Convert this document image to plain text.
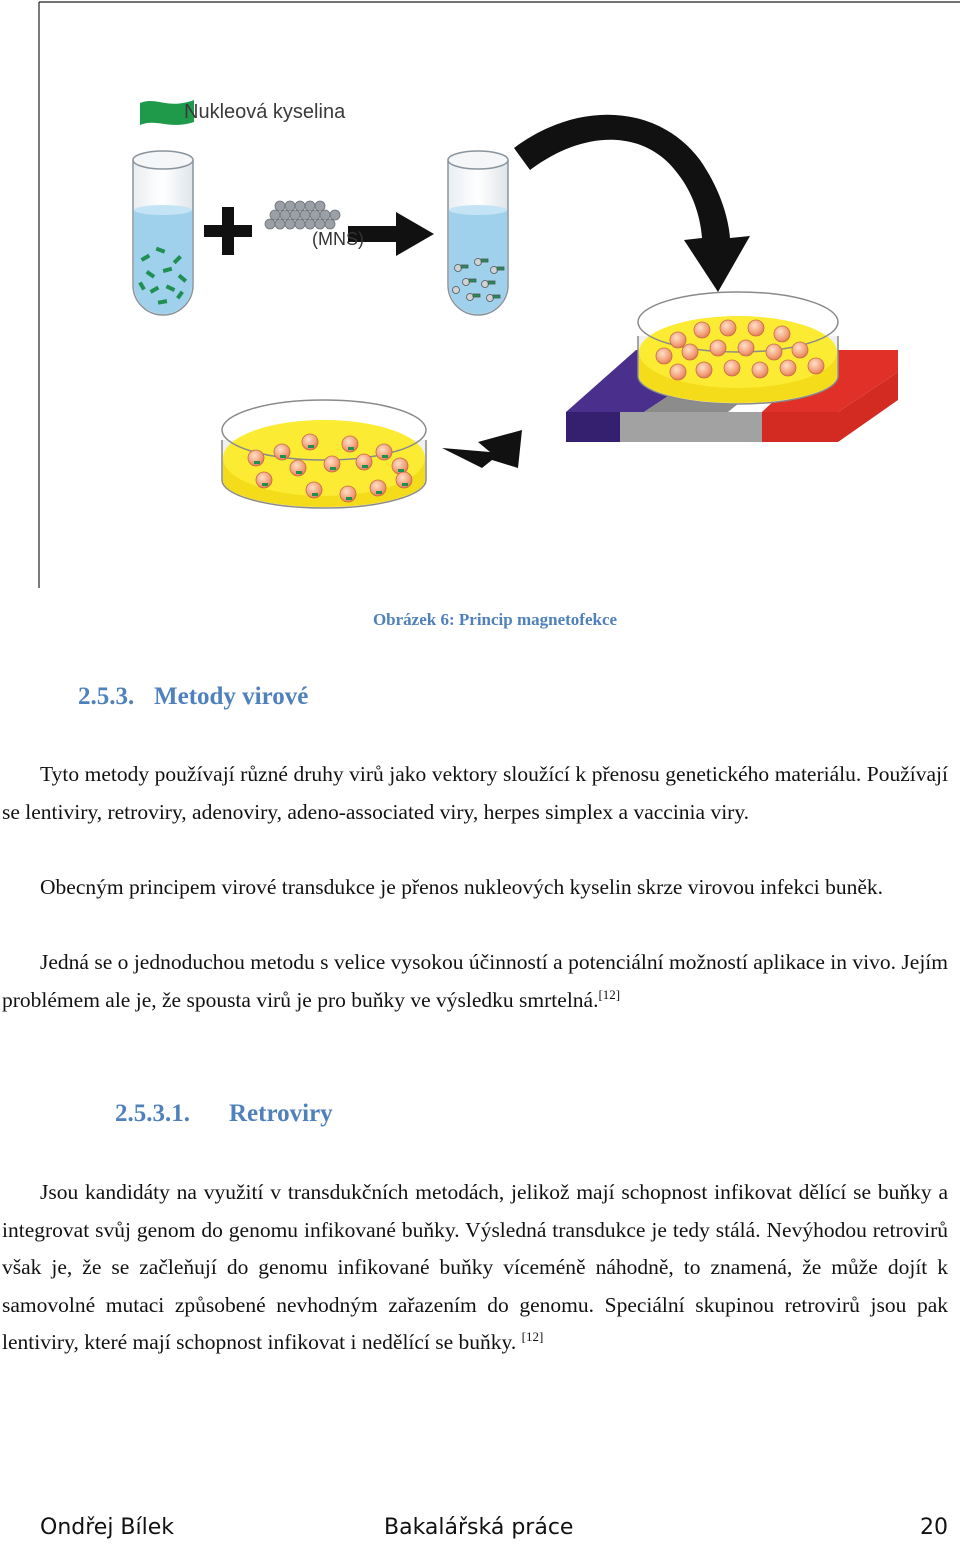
Nukleová kyselina
(MNS)
Obrázek 6: Princip magnetofekce
2.5.3. Metody virové

Tyto metody používají různé druhy virů jako vektory sloužící k přenosu genetického materiálu. Používají se lentiviry, retroviry, adenoviry, adeno-associated viry, herpes simplex a vaccinia viry.

Obecným principem virové transdukce je přenos nukleových kyselin skrze virovou infekci buněk.

Jedná se o jednoduchou metodu s velice vysokou účinností a potenciální možností aplikace in vivo. Jejím problémem ale je, že spousta virů je pro buňky ve výsledku smrtelná.[12]

2.5.3.1. Retroviry

Jsou kandidáty na využití v transdukčních metodách, jelikož mají schopnost infikovat dělící se buňky a integrovat svůj genom do genomu infikované buňky. Výsledná transdukce je tedy stálá. Nevýhodou retrovirů však je, že se začleňují do genomu infikované buňky víceméně náhodně, to znamená, že může dojít k samovolné mutaci způsobené nevhodným zařazením do genomu. Speciální skupinou retrovirů jsou pak lentiviry, které mají schopnost infikovat i nedělící se buňky. [12]

Ondřej Bílek	Bakalářská práce	20
